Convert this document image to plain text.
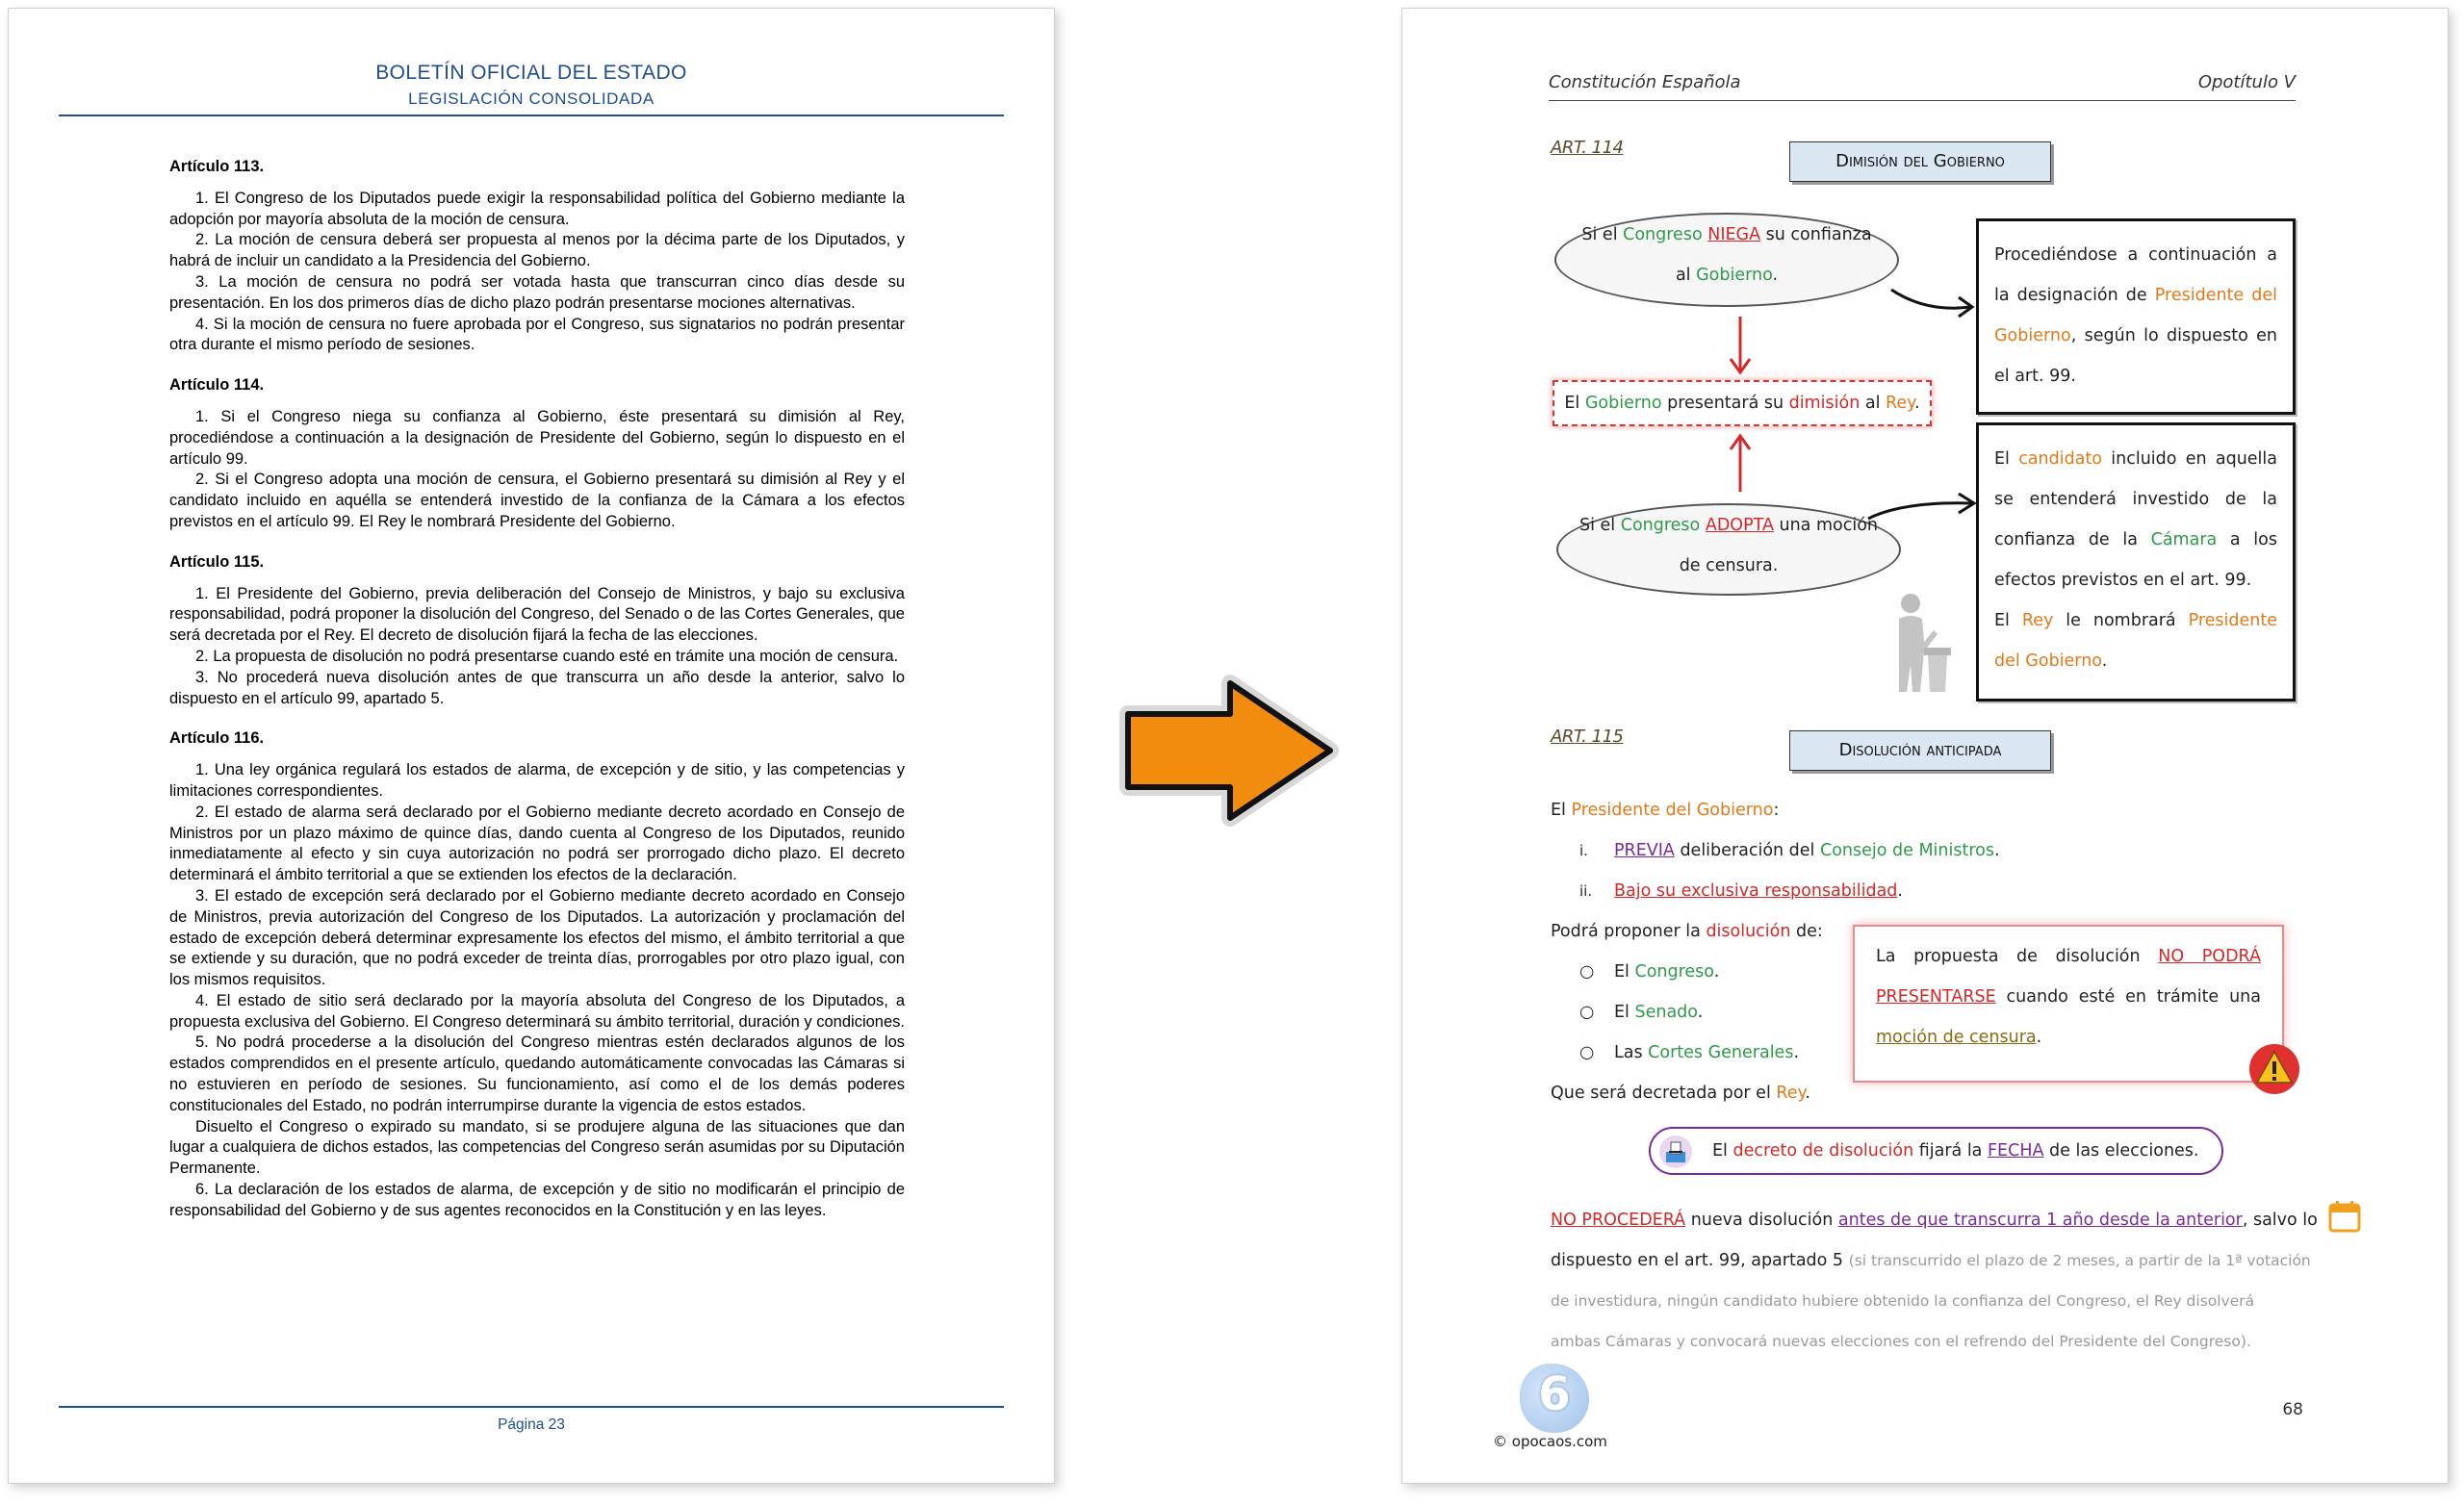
BOLETÍN OFICIAL DEL ESTADO
LEGISLACIÓN CONSOLIDADA
Artículo 113.

1. El Congreso de los Diputados puede exigir la responsabilidad política del Gobierno mediante la adopción por mayoría absoluta de la moción de censura.

2. La moción de censura deberá ser propuesta al menos por la décima parte de los Diputados, y habrá de incluir un candidato a la Presidencia del Gobierno.

3. La moción de censura no podrá ser votada hasta que transcurran cinco días desde su presentación. En los dos primeros días de dicho plazo podrán presentarse mociones alternativas.

4. Si la moción de censura no fuere aprobada por el Congreso, sus signatarios no podrán presentar otra durante el mismo período de sesiones.

Artículo 114.

1. Si el Congreso niega su confianza al Gobierno, éste presentará su dimisión al Rey, procediéndose a continuación a la designación de Presidente del Gobierno, según lo dispuesto en el artículo 99.

2. Si el Congreso adopta una moción de censura, el Gobierno presentará su dimisión al Rey y el candidato incluido en aquélla se entenderá investido de la confianza de la Cámara a los efectos previstos en el artículo 99. El Rey le nombrará Presidente del Gobierno.

Artículo 115.

1. El Presidente del Gobierno, previa deliberación del Consejo de Ministros, y bajo su exclusiva responsabilidad, podrá proponer la disolución del Congreso, del Senado o de las Cortes Generales, que será decretada por el Rey. El decreto de disolución fijará la fecha de las elecciones.

2. La propuesta de disolución no podrá presentarse cuando esté en trámite una moción de censura.

3. No procederá nueva disolución antes de que transcurra un año desde la anterior, salvo lo dispuesto en el artículo 99, apartado 5.

Artículo 116.

1. Una ley orgánica regulará los estados de alarma, de excepción y de sitio, y las competencias y limitaciones correspondientes.

2. El estado de alarma será declarado por el Gobierno mediante decreto acordado en Consejo de Ministros por un plazo máximo de quince días, dando cuenta al Congreso de los Diputados, reunido inmediatamente al efecto y sin cuya autorización no podrá ser prorrogado dicho plazo. El decreto determinará el ámbito territorial a que se extienden los efectos de la declaración.

3. El estado de excepción será declarado por el Gobierno mediante decreto acordado en Consejo de Ministros, previa autorización del Congreso de los Diputados. La autorización y proclamación del estado de excepción deberá determinar expresamente los efectos del mismo, el ámbito territorial a que se extiende y su duración, que no podrá exceder de treinta días, prorrogables por otro plazo igual, con los mismos requisitos.

4. El estado de sitio será declarado por la mayoría absoluta del Congreso de los Diputados, a propuesta exclusiva del Gobierno. El Congreso determinará su ámbito territorial, duración y condiciones.

5. No podrá procederse a la disolución del Congreso mientras estén declarados algunos de los estados comprendidos en el presente artículo, quedando automáticamente convocadas las Cámaras si no estuvieren en período de sesiones. Su funcionamiento, así como el de los demás poderes constitucionales del Estado, no podrán interrumpirse durante la vigencia de estos estados.

Disuelto el Congreso o expirado su mandato, si se produjere alguna de las situaciones que dan lugar a cualquiera de dichos estados, las competencias del Congreso serán asumidas por su Diputación Permanente.

6. La declaración de los estados de alarma, de excepción y de sitio no modificarán el principio de responsabilidad del Gobierno y de sus agentes reconocidos en la Constitución y en las leyes.

Página 23
Constitución Española	Opotítulo V
ART. 114
Dimisión del Gobierno
Si el Congreso NIEGA su confianza
al Gobierno.
El Gobierno presentará su dimisión al Rey.
Si el Congreso ADOPTA una moción
de censura.
Procediéndose a continuación a la designación de Presidente del Gobierno, según lo dispuesto en el art. 99.
El candidato incluido en aquella se entenderá investido de la confianza de la Cámara a los efectos previstos en el art. 99.
El Rey le nombrará Presidente del Gobierno.
ART. 115
Disolución anticipada
El Presidente del Gobierno:
i. PREVIA deliberación del Consejo de Ministros.
ii. Bajo su exclusiva responsabilidad.
Podrá proponer la disolución de:
○ El Congreso.
○ El Senado.
○ Las Cortes Generales.
Que será decretada por el Rey.
La propuesta de disolución NO PODRÁ PRESENTARSE cuando esté en trámite una moción de censura.
El decreto de disolución fijará la FECHA de las elecciones.
NO PROCEDERÁ nueva disolución antes de que transcurra 1 año desde la anterior, salvo lo
dispuesto en el art. 99, apartado 5 (si transcurrido el plazo de 2 meses, a partir de la 1ª votación
de investidura, ningún candidato hubiere obtenido la confianza del Congreso, el Rey disolverá
ambas Cámaras y convocará nuevas elecciones con el refrendo del Presidente del Congreso).
6
© opocaos.com
68
